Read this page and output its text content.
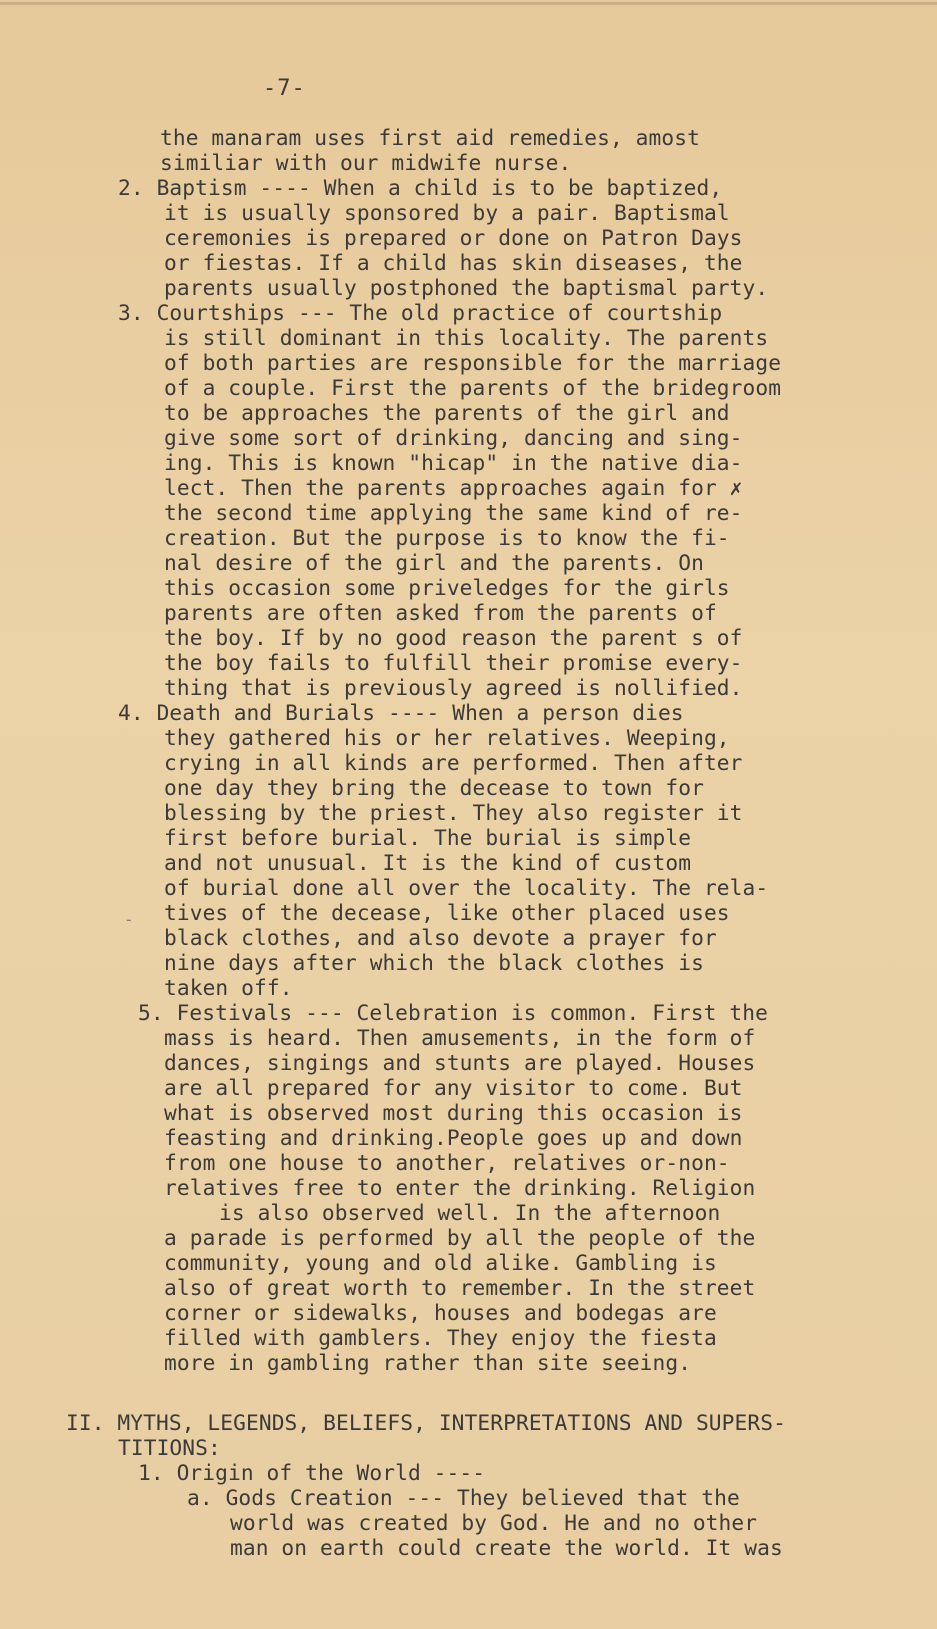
-7-
-
the manaram uses first aid remedies, amost
similiar with our midwife nurse.
2. Baptism ---- When a child is to be baptized,
it is usually sponsored by a pair. Baptismal
ceremonies is prepared or done on Patron Days
or fiestas. If a child has skin diseases, the
parents usually postphoned the baptismal party.
3. Courtships --- The old practice of courtship
is still dominant in this locality. The parents
of both parties are responsible for the marriage
of a couple. First the parents of the bridegroom
to be approaches the parents of the girl and
give some sort of drinking, dancing and sing-
ing. This is known "hicap" in the native dia-
lect. Then the parents approaches again for ✗
the second time applying the same kind of re-
creation. But the purpose is to know the fi-
nal desire of the girl and the parents. On
this occasion some priveledges for the girls
parents are often asked from the parents of
the boy. If by no good reason the parent s of
the boy fails to fulfill their promise every-
thing that is previously agreed is nollified.
4. Death and Burials ---- When a person dies
they gathered his or her relatives. Weeping,
crying in all kinds are performed. Then after
one day they bring the decease to town for
blessing by the priest. They also register it
first before burial. The burial is simple
and not unusual. It is the kind of custom
of burial done all over the locality. The rela-
tives of the decease, like other placed uses
black clothes, and also devote a prayer for
nine days after which the black clothes is
taken off.
5. Festivals --- Celebration is common. First the
mass is heard. Then amusements, in the form of
dances, singings and stunts are played. Houses
are all prepared for any visitor to come. But
what is observed most during this occasion is
feasting and drinking.People goes up and down
from one house to another, relatives or-non-
relatives free to enter the drinking. Religion
is also observed well. In the afternoon
a parade is performed by all the people of the
community, young and old alike. Gambling is
also of great worth to remember. In the street
corner or sidewalks, houses and bodegas are
filled with gamblers. They enjoy the fiesta
more in gambling rather than site seeing.
II. MYTHS, LEGENDS, BELIEFS, INTERPRETATIONS AND SUPERS-
TITIONS:
1. Origin of the World ----
a. Gods Creation --- They believed that the
world was created by God. He and no other
man on earth could create the world. It was
